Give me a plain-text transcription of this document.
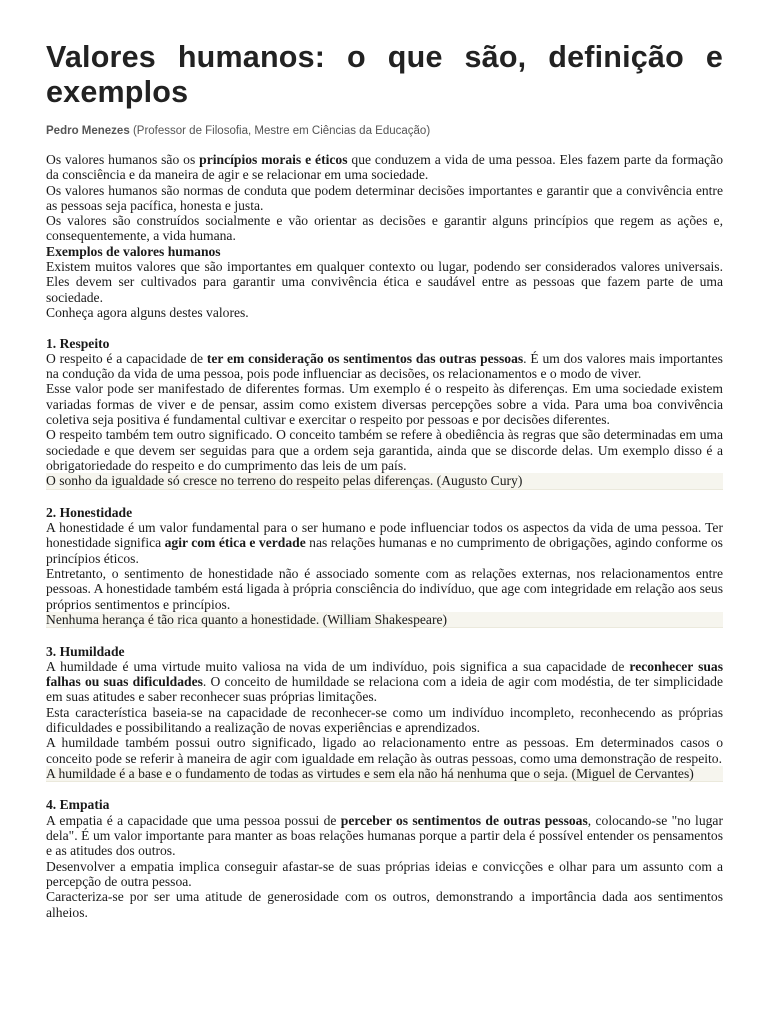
Valores humanos: o que são, definição e exemplos
Pedro Menezes (Professor de Filosofia, Mestre em Ciências da Educação)

Os valores humanos são os princípios morais e éticos que conduzem a vida de uma pessoa. Eles fazem parte da formação da consciência e da maneira de agir e se relacionar em uma sociedade.

Os valores humanos são normas de conduta que podem determinar decisões importantes e garantir que a convivência entre as pessoas seja pacífica, honesta e justa.

Os valores são construídos socialmente e vão orientar as decisões e garantir alguns princípios que regem as ações e, consequentemente, a vida humana.

Exemplos de valores humanos

Existem muitos valores que são importantes em qualquer contexto ou lugar, podendo ser considerados valores universais. Eles devem ser cultivados para garantir uma convivência ética e saudável entre as pessoas que fazem parte de uma sociedade.

Conheça agora alguns destes valores.

1. Respeito

O respeito é a capacidade de ter em consideração os sentimentos das outras pessoas. É um dos valores mais importantes na condução da vida de uma pessoa, pois pode influenciar as decisões, os relacionamentos e o modo de viver.

Esse valor pode ser manifestado de diferentes formas. Um exemplo é o respeito às diferenças. Em uma sociedade existem variadas formas de viver e de pensar, assim como existem diversas percepções sobre a vida. Para uma boa convivência coletiva seja positiva é fundamental cultivar e exercitar o respeito por pessoas e por decisões diferentes.

O respeito também tem outro significado. O conceito também se refere à obediência às regras que são determinadas em uma sociedade e que devem ser seguidas para que a ordem seja garantida, ainda que se discorde delas. Um exemplo disso é a obrigatoriedade do respeito e do cumprimento das leis de um país.

O sonho da igualdade só cresce no terreno do respeito pelas diferenças. (Augusto Cury)

2. Honestidade

A honestidade é um valor fundamental para o ser humano e pode influenciar todos os aspectos da vida de uma pessoa. Ter honestidade significa agir com ética e verdade nas relações humanas e no cumprimento de obrigações, agindo conforme os princípios éticos.

Entretanto, o sentimento de honestidade não é associado somente com as relações externas, nos relacionamentos entre pessoas. A honestidade também está ligada à própria consciência do indivíduo, que age com integridade em relação aos seus próprios sentimentos e princípios.

Nenhuma herança é tão rica quanto a honestidade. (William Shakespeare)

3. Humildade

A humildade é uma virtude muito valiosa na vida de um indivíduo, pois significa a sua capacidade de reconhecer suas falhas ou suas dificuldades. O conceito de humildade se relaciona com a ideia de agir com modéstia, de ter simplicidade em suas atitudes e saber reconhecer suas próprias limitações.

Esta característica baseia-se na capacidade de reconhecer-se como um indivíduo incompleto, reconhecendo as próprias dificuldades e possibilitando a realização de novas experiências e aprendizados.

A humildade também possui outro significado, ligado ao relacionamento entre as pessoas. Em determinados casos o conceito pode se referir à maneira de agir com igualdade em relação às outras pessoas, como uma demonstração de respeito.

A humildade é a base e o fundamento de todas as virtudes e sem ela não há nenhuma que o seja. (Miguel de Cervantes)

4. Empatia

A empatia é a capacidade que uma pessoa possui de perceber os sentimentos de outras pessoas, colocando-se "no lugar dela". É um valor importante para manter as boas relações humanas porque a partir dela é possível entender os pensamentos e as atitudes dos outros.

Desenvolver a empatia implica conseguir afastar-se de suas próprias ideias e convicções e olhar para um assunto com a percepção de outra pessoa.

Caracteriza-se por ser uma atitude de generosidade com os outros, demonstrando a importância dada aos sentimentos alheios.
